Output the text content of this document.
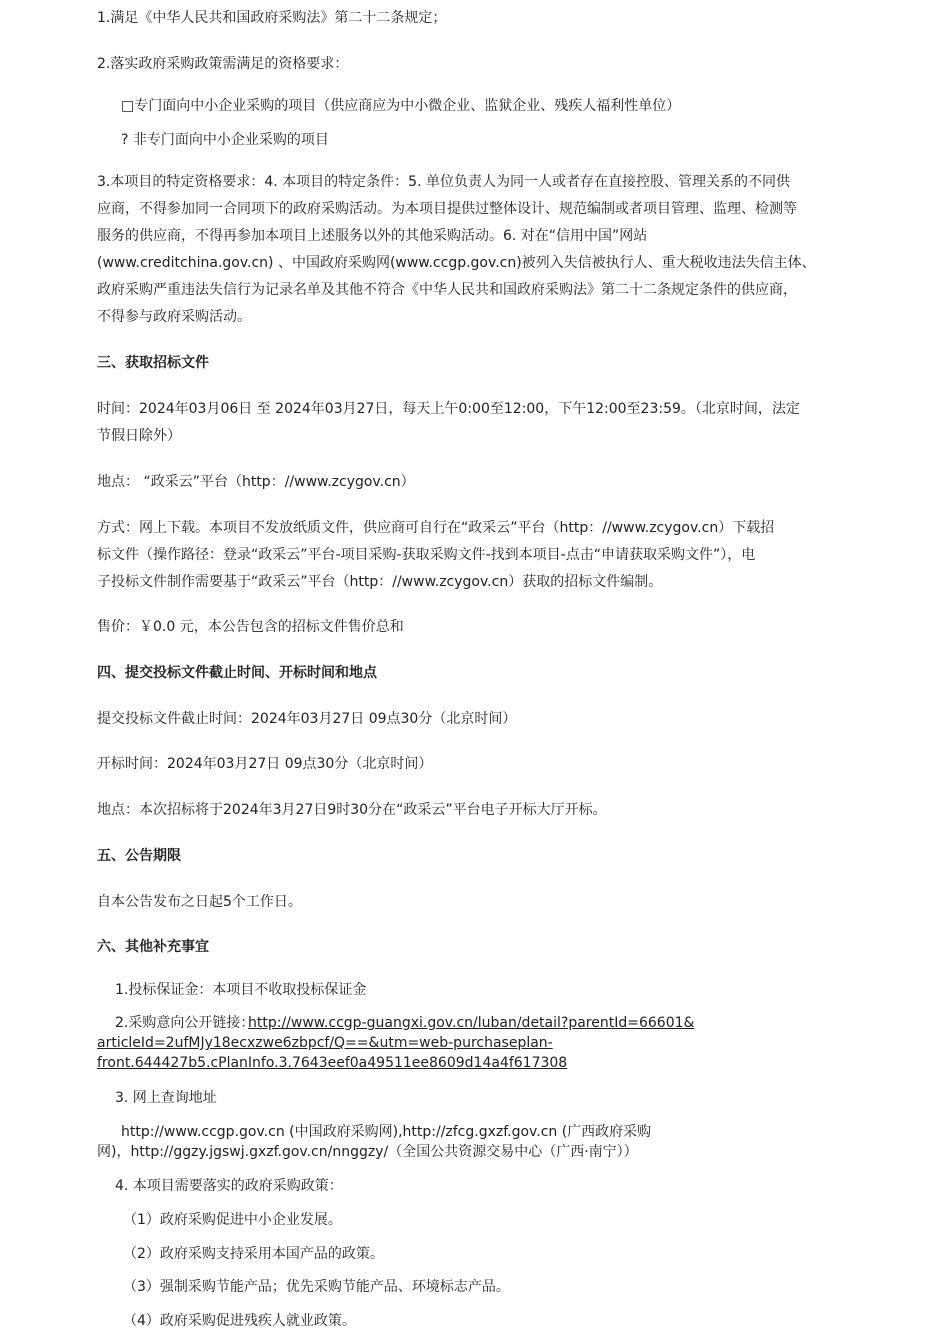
1.满足《中华人民共和国政府采购法》第二十二条规定；
2.落实政府采购政策需满足的资格要求：
□专门面向中小企业采购的项目（供应商应为中小微企业、监狱企业、残疾人福利性单位）
? 非专门面向中小企业采购的项目
3.本项目的特定资格要求：4. 本项目的特定条件：5. 单位负责人为同一人或者存在直接控股、管理关系的不同供
应商，不得参加同一合同项下的政府采购活动。为本项目提供过整体设计、规范编制或者项目管理、监理、检测等
服务的供应商，不得再参加本项目上述服务以外的其他采购活动。6. 对在“信用中国”网站
(www.creditchina.gov.cn) 、中国政府采购网(www.ccgp.gov.cn)被列入失信被执行人、重大税收违法失信主体、
政府采购严重违法失信行为记录名单及其他不符合《中华人民共和国政府采购法》第二十二条规定条件的供应商，
不得参与政府采购活动。
三、获取招标文件
时间：2024年03月06日 至 2024年03月27日，每天上午0:00至12:00，下午12:00至23:59。（北京时间，法定
节假日除外）
地点： “政采云”平台（http：//www.zcygov.cn）
方式：网上下载。本项目不发放纸质文件，供应商可自行在“政采云”平台（http：//www.zcygov.cn）下载招
标文件（操作路径：登录“政采云”平台-项目采购-获取采购文件-找到本项目-点击“申请获取采购文件”），电
子投标文件制作需要基于“政采云”平台（http：//www.zcygov.cn）获取的招标文件编制。
售价：￥0.0 元，本公告包含的招标文件售价总和
四、提交投标文件截止时间、开标时间和地点
提交投标文件截止时间：2024年03月27日 09点30分（北京时间）
开标时间：2024年03月27日 09点30分（北京时间）
地点：本次招标将于2024年3月27日9时30分在“政采云”平台电子开标大厅开标。
五、公告期限
自本公告发布之日起5个工作日。
六、其他补充事宜
1.投标保证金：本项目不收取投标保证金
2.采购意向公开链接：
http://www.ccgp-guangxi.gov.cn/luban/detail?parentId=66601&
articleId=2ufMJy18ecxzwe6zbpcf/Q==&utm=web-purchaseplan-
front.644427b5.cPlanInfo.3.7643eef0a49511ee8609d14a4f617308
3. 网上查询地址
http://www.ccgp.gov.cn (中国政府采购网),http://zfcg.gxzf.gov.cn (广西政府采购
网)，http://ggzy.jgswj.gxzf.gov.cn/nnggzy/（全国公共资源交易中心（广西·南宁））
4. 本项目需要落实的政府采购政策：
（1）政府采购促进中小企业发展。
（2）政府采购支持采用本国产品的政策。
（3）强制采购节能产品；优先采购节能产品、环境标志产品。
（4）政府采购促进残疾人就业政策。
